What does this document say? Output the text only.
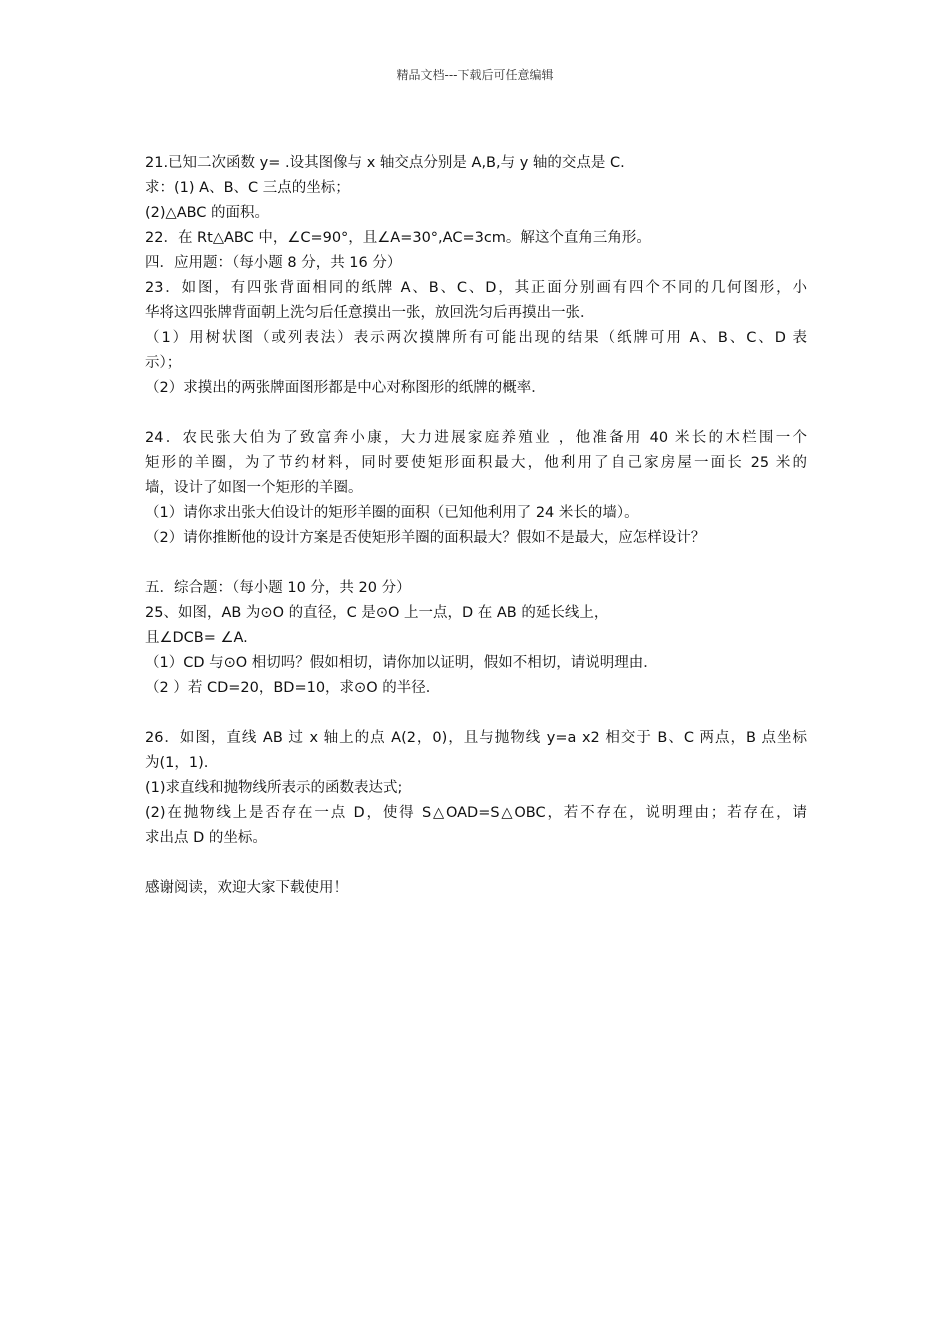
精品文档---下载后可任意编辑
21.已知二次函数 y= .设其图像与 x 轴交点分别是 A,B,与 y 轴的交点是 C.
求：(1) A、B、C 三点的坐标；
(2)△ABC 的面积。
22．在 Rt△ABC 中，∠C=90°，且∠A=30°,AC=3cm。解这个直角三角形。
四．应用题：（每小题 8 分，共 16 分）
23．如图，有四张背面相同的纸牌 A、B、C、D，其正面分别画有四个不同的几何图形，小
华将这四张牌背面朝上洗匀后任意摸出一张，放回洗匀后再摸出一张．
（1）用树状图（或列表法）表示两次摸牌所有可能出现的结果（纸牌可用 A、B、C、D 表
示）；
（2）求摸出的两张牌面图形都是中心对称图形的纸牌的概率．
24．农民张大伯为了致富奔小康，大力进展家庭养殖业 ，他准备用 40 米长的木栏围一个
矩形的羊圈，为了节约材料，同时要使矩形面积最大，他利用了自己家房屋一面长 25 米的
墙，设计了如图一个矩形的羊圈。
（1）请你求出张大伯设计的矩形羊圈的面积（已知他利用了 24 米长的墙）。
（2）请你推断他的设计方案是否使矩形羊圈的面积最大？假如不是最大，应怎样设计？
五．综合题：（每小题 10 分，共 20 分）
25、如图，AB 为⊙O 的直径，C 是⊙O 上一点，D 在 AB 的延长线上，
且∠DCB= ∠A.
（1）CD 与⊙O 相切吗？假如相切，请你加以证明，假如不相切，请说明理由．
（2 ）若 CD=20，BD=10，求⊙O 的半径．
26．如图，直线 AB 过 x 轴上的点 A(2，0)，且与抛物线 y=a x2 相交于 B、C 两点，B 点坐标
为(1，1).
(1)求直线和抛物线所表示的函数表达式;
(2)在抛物线上是否存在一点 D，使得 S△OAD=S△OBC，若不存在，说明理由；若存在，请
求出点 D 的坐标。
感谢阅读，欢迎大家下载使用！
